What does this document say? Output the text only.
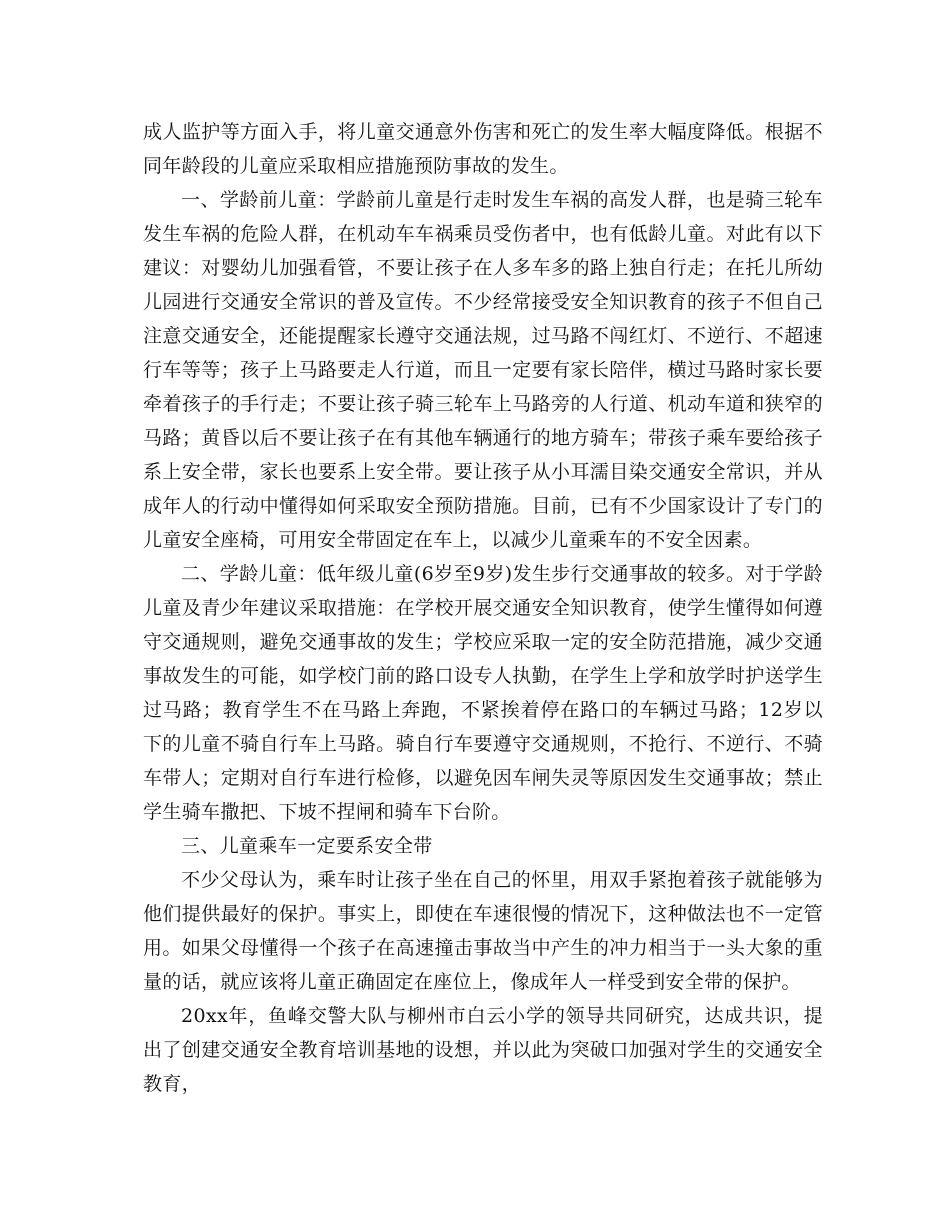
成人监护等方面入手，将儿童交通意外伤害和死亡的发生率大幅度降低。根据不同年龄段的儿童应采取相应措施预防事故的发生。

一、学龄前儿童：学龄前儿童是行走时发生车祸的高发人群，也是骑三轮车发生车祸的危险人群，在机动车车祸乘员受伤者中，也有低龄儿童。对此有以下建议：对婴幼儿加强看管，不要让孩子在人多车多的路上独自行走；在托儿所幼儿园进行交通安全常识的普及宣传。不少经常接受安全知识教育的孩子不但自己注意交通安全，还能提醒家长遵守交通法规，过马路不闯红灯、不逆行、不超速行车等等；孩子上马路要走人行道，而且一定要有家长陪伴，横过马路时家长要牵着孩子的手行走；不要让孩子骑三轮车上马路旁的人行道、机动车道和狭窄的马路；黄昏以后不要让孩子在有其他车辆通行的地方骑车；带孩子乘车要给孩子系上安全带，家长也要系上安全带。要让孩子从小耳濡目染交通安全常识，并从成年人的行动中懂得如何采取安全预防措施。目前，已有不少国家设计了专门的儿童安全座椅，可用安全带固定在车上，以减少儿童乘车的不安全因素。

二、学龄儿童：低年级儿童(6岁至9岁)发生步行交通事故的较多。对于学龄儿童及青少年建议采取措施：在学校开展交通安全知识教育，使学生懂得如何遵守交通规则，避免交通事故的发生；学校应采取一定的安全防范措施，减少交通事故发生的可能，如学校门前的路口设专人执勤，在学生上学和放学时护送学生过马路；教育学生不在马路上奔跑，不紧挨着停在路口的车辆过马路；12岁以下的儿童不骑自行车上马路。骑自行车要遵守交通规则，不抢行、不逆行、不骑车带人；定期对自行车进行检修，以避免因车闸失灵等原因发生交通事故；禁止学生骑车撒把、下坡不捏闸和骑车下台阶。

三、儿童乘车一定要系安全带

不少父母认为，乘车时让孩子坐在自己的怀里，用双手紧抱着孩子就能够为他们提供最好的保护。事实上，即使在车速很慢的情况下，这种做法也不一定管用。如果父母懂得一个孩子在高速撞击事故当中产生的冲力相当于一头大象的重量的话，就应该将儿童正确固定在座位上，像成年人一样受到安全带的保护。

20xx年，鱼峰交警大队与柳州市白云小学的领导共同研究，达成共识，提出了创建交通安全教育培训基地的设想，并以此为突破口加强对学生的交通安全教育，
